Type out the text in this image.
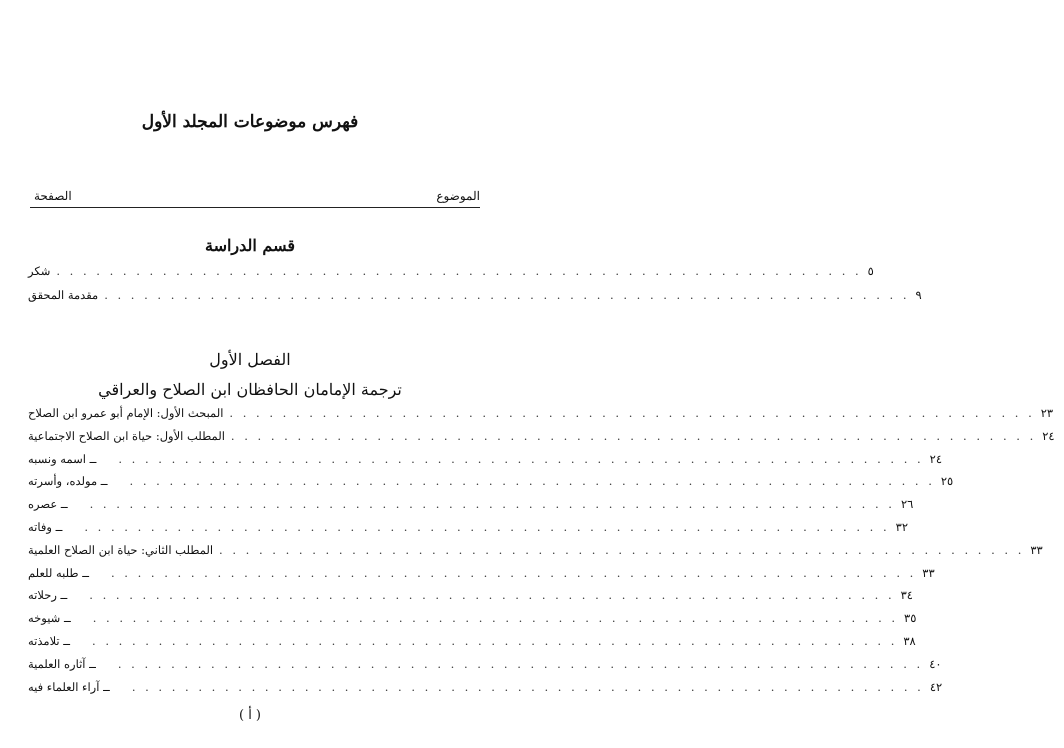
فهرس موضوعات المجلد الأول
الموضوع
الصفحة
قسم الدراسة
شكر . . . . . . . . . . . . . . . . . . . . . . . . . . . . . . . . . . . . . . . . . . . . . . . . . . . . . . . . . . . . . ٥
مقدمة المحقق . . . . . . . . . . . . . . . . . . . . . . . . . . . . . . . . . . . . . . . . . . . . . . . . . . . . . . . . . . . . . ٩
الفصل الأول
ترجمة الإمامان الحافظان ابن الصلاح والعراقي
المبحث الأول: الإمام أبو عمرو ابن الصلاح . . . . . . . . . . . . . . . . . . . . . . . . . . . . . . . . . . . . . . . . . . . . . . . . . . . . . . . . . . . . . ٢٣
المطلب الأول: حياة ابن الصلاح الاجتماعية . . . . . . . . . . . . . . . . . . . . . . . . . . . . . . . . . . . . . . . . . . . . . . . . . . . . . . . . . . . . . ٢٤
ــ اسمه ونسبه	. . . . . . . . . . . . . . . . . . . . . . . . . . . . . . . . . . . . . . . . . . . . . . . . . . . . . . . . . . . . . ٢٤
ــ مولده، وأسرته	. . . . . . . . . . . . . . . . . . . . . . . . . . . . . . . . . . . . . . . . . . . . . . . . . . . . . . . . . . . . . ٢٥
ــ عصره	. . . . . . . . . . . . . . . . . . . . . . . . . . . . . . . . . . . . . . . . . . . . . . . . . . . . . . . . . . . . . ٢٦
ــ وفاته	. . . . . . . . . . . . . . . . . . . . . . . . . . . . . . . . . . . . . . . . . . . . . . . . . . . . . . . . . . . . . ٣٢
المطلب الثاني: حياة ابن الصلاح العلمية . . . . . . . . . . . . . . . . . . . . . . . . . . . . . . . . . . . . . . . . . . . . . . . . . . . . . . . . . . . . . ٣٣
ــ طلبه للعلم	. . . . . . . . . . . . . . . . . . . . . . . . . . . . . . . . . . . . . . . . . . . . . . . . . . . . . . . . . . . . . ٣٣
ــ رحلاته	. . . . . . . . . . . . . . . . . . . . . . . . . . . . . . . . . . . . . . . . . . . . . . . . . . . . . . . . . . . . . ٣٤
ــ شيوخه	. . . . . . . . . . . . . . . . . . . . . . . . . . . . . . . . . . . . . . . . . . . . . . . . . . . . . . . . . . . . . ٣٥
ــ تلامذته	. . . . . . . . . . . . . . . . . . . . . . . . . . . . . . . . . . . . . . . . . . . . . . . . . . . . . . . . . . . . . ٣٨
ــ آثاره العلمية	. . . . . . . . . . . . . . . . . . . . . . . . . . . . . . . . . . . . . . . . . . . . . . . . . . . . . . . . . . . . . ٤٠
ــ آراء العلماء فيه	. . . . . . . . . . . . . . . . . . . . . . . . . . . . . . . . . . . . . . . . . . . . . . . . . . . . . . . . . . . . ٤٢
( أ )
